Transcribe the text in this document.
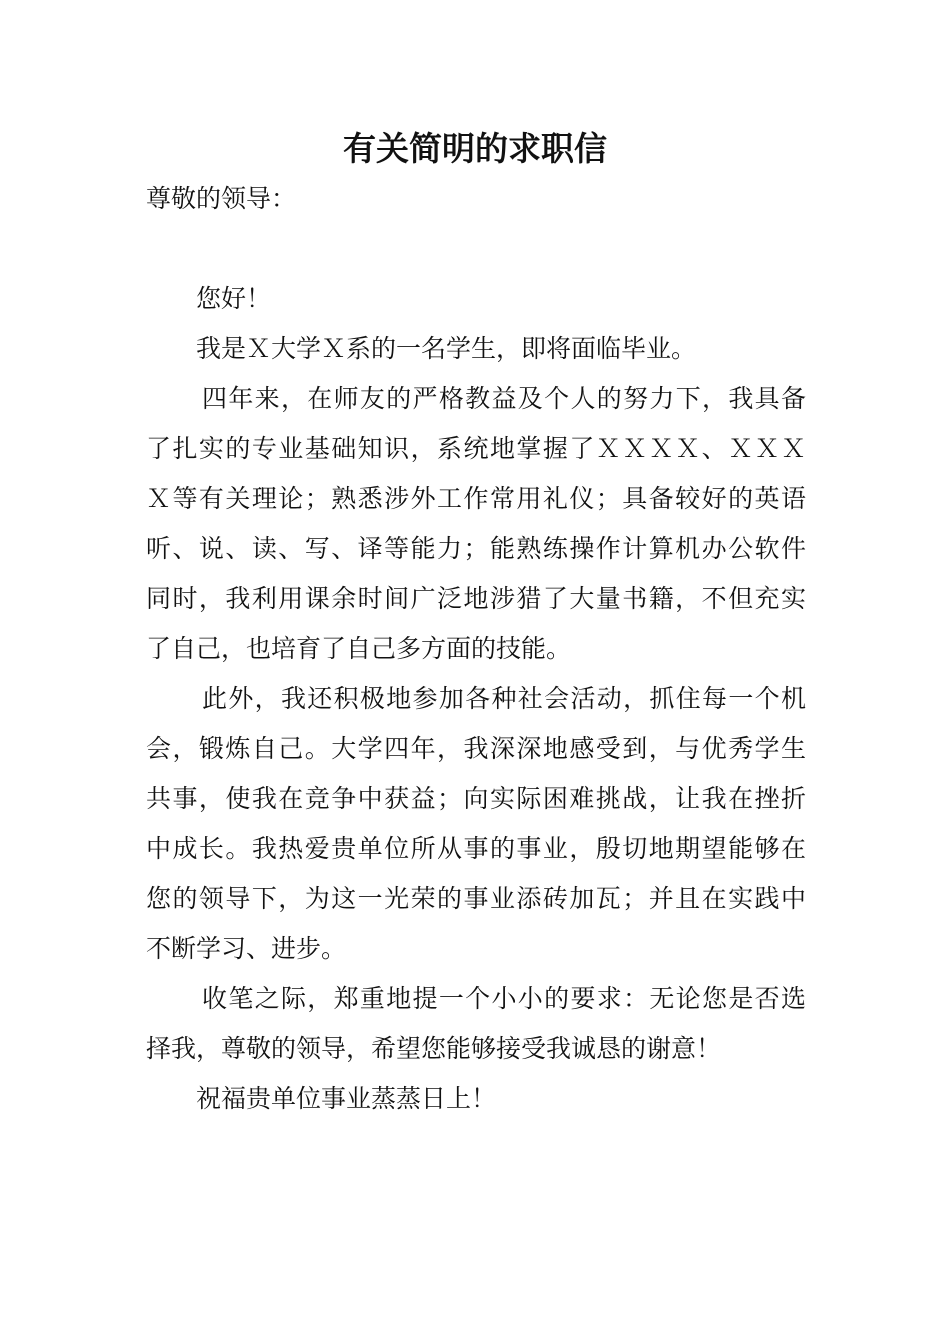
有关简明的求职信

尊敬的领导：

您好！

我是Ｘ大学Ｘ系的一名学生，即将面临毕业。

四年来，在师友的严格教益及个人的努力下，我具备

了扎实的专业基础知识，系统地掌握了ＸＸＸＸ、ＸＸＸ

Ｘ等有关理论；熟悉涉外工作常用礼仪；具备较好的英语

听、说、读、写、译等能力；能熟练操作计算机办公软件

同时，我利用课余时间广泛地涉猎了大量书籍，不但充实

了自己，也培育了自己多方面的技能。

此外，我还积极地参加各种社会活动，抓住每一个机

会，锻炼自己。大学四年，我深深地感受到，与优秀学生

共事，使我在竞争中获益；向实际困难挑战，让我在挫折

中成长。我热爱贵单位所从事的事业，殷切地期望能够在

您的领导下，为这一光荣的事业添砖加瓦；并且在实践中

不断学习、进步。

收笔之际，郑重地提一个小小的要求：无论您是否选

择我，尊敬的领导，希望您能够接受我诚恳的谢意！

祝福贵单位事业蒸蒸日上！
